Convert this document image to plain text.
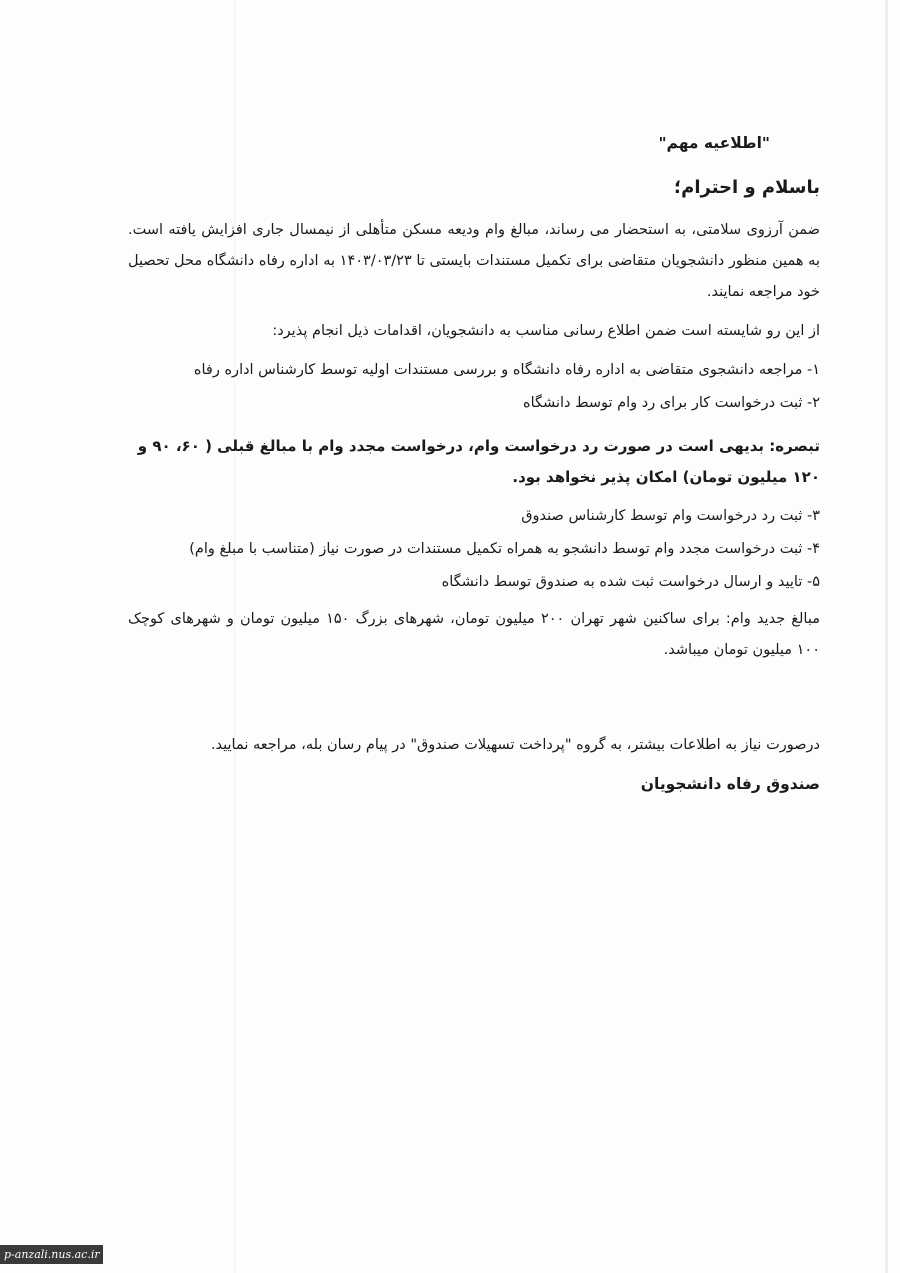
"اطلاعیه مهم"
باسلام و احترام؛

ضمن آرزوی سلامتی، به استحضار می رساند، مبالغ وام ودیعه مسکن متأهلی از نیمسال جاری افزایش یافته است. به همین منظور دانشجویان متقاضی برای تکمیل مستندات بایستی تا ۱۴۰۳/۰۳/۲۳ به اداره رفاه دانشگاه محل تحصیل خود مراجعه نمایند.

از این رو شایسته است ضمن اطلاع رسانی مناسب به دانشجویان، اقدامات ذیل انجام پذیرد:

۱- مراجعه دانشجوی متقاضی به اداره رفاه دانشگاه و بررسی مستندات اولیه توسط کارشناس اداره رفاه
۲- ثبت درخواست کار برای رد وام توسط دانشگاه
تبصره: بدیهی است در صورت رد درخواست وام، درخواست مجدد وام با مبالغ قبلی ( ۶۰، ۹۰ و ۱۲۰ میلیون تومان) امکان پذیر نخواهد بود.
۳- ثبت رد درخواست وام توسط کارشناس صندوق
۴- ثبت درخواست مجدد وام توسط دانشجو به همراه تکمیل مستندات در صورت نیاز (متناسب با مبلغ وام)
۵- تایید و ارسال درخواست ثبت شده به صندوق توسط دانشگاه

مبالغ جدید وام: برای ساکنین شهر تهران ۲۰۰ میلیون تومان، شهرهای بزرگ ۱۵۰ میلیون تومان و شهرهای کوچک ۱۰۰ میلیون تومان میباشد.

درصورت نیاز به اطلاعات بیشتر، به گروه "پرداخت تسهیلات صندوق" در پیام رسان بله، مراجعه نمایید.

صندوق رفاه دانشجویان
p-anzali.nus.ac.ir
